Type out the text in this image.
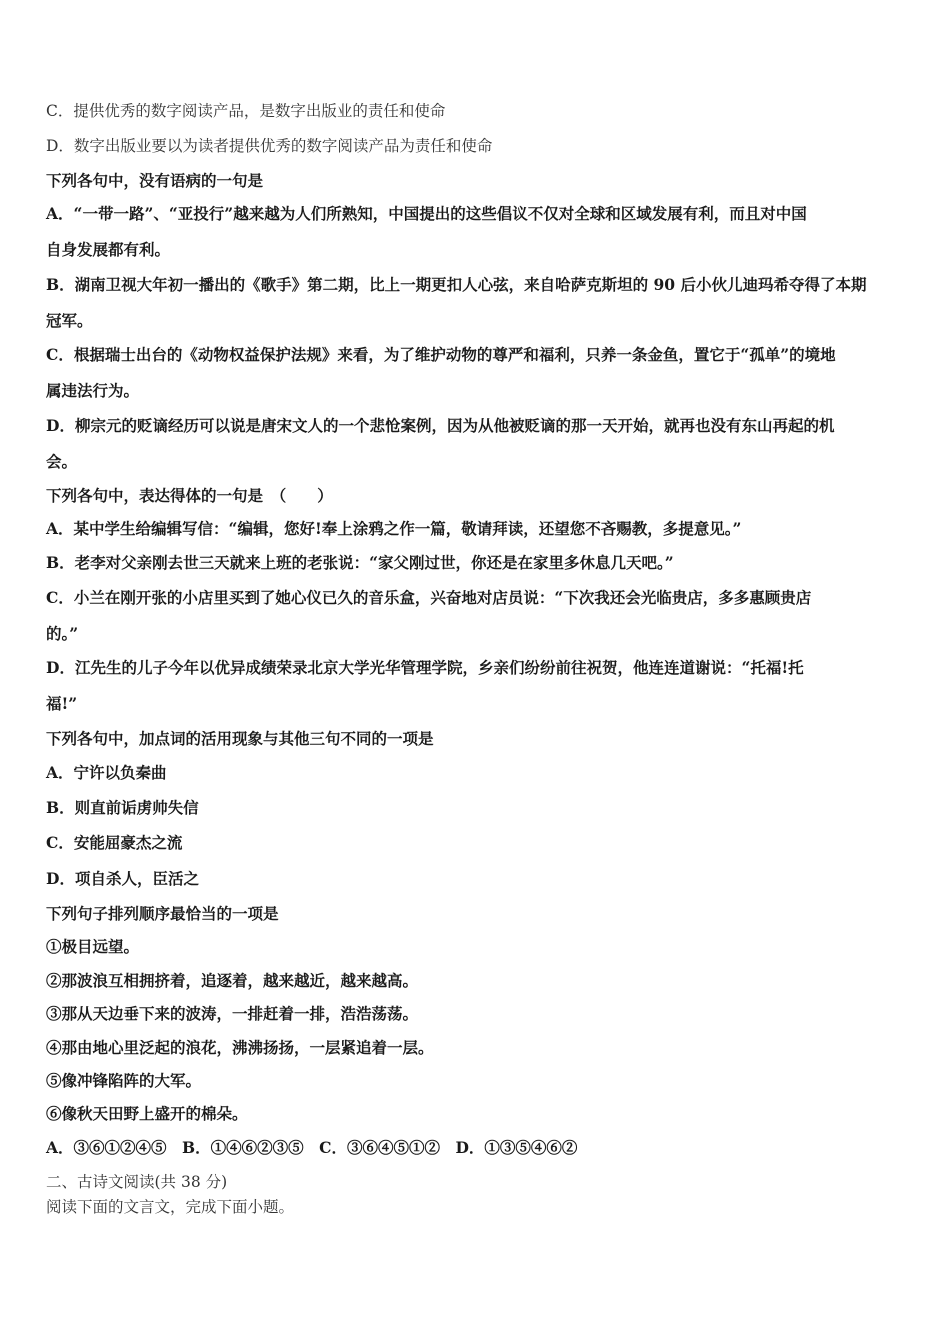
C．提供优秀的数字阅读产品，是数字出版业的责任和使命
D．数字出版业要以为读者提供优秀的数字阅读产品为责任和使命
下列各句中，没有语病的一句是
A．“一带一路”、“亚投行”越来越为人们所熟知，中国提出的这些倡议不仅对全球和区域发展有利，而且对中国
自身发展都有利。
B．湖南卫视大年初一播出的《歌手》第二期，比上一期更扣人心弦，来自哈萨克斯坦的 90 后小伙儿迪玛希夺得了本期
冠军。
C．根据瑞士出台的《动物权益保护法规》来看，为了维护动物的尊严和福利，只养一条金鱼，置它于“孤单”的境地
属违法行为。
D．柳宗元的贬谪经历可以说是唐宋文人的一个悲怆案例，因为从他被贬谪的那一天开始，就再也没有东山再起的机
会。
下列各句中，表达得体的一句是　（　　）
A．某中学生给编辑写信：“编辑，您好!奉上涂鸦之作一篇，敬请拜读，还望您不吝赐教，多提意见。”
B．老李对父亲刚去世三天就来上班的老张说：“家父刚过世，你还是在家里多休息几天吧。”
C．小兰在刚开张的小店里买到了她心仪已久的音乐盒，兴奋地对店员说：“下次我还会光临贵店，多多惠顾贵店
的。”
D．江先生的儿子今年以优异成绩荣录北京大学光华管理学院，乡亲们纷纷前往祝贺，他连连道谢说：“托福!托
福!”
下列各句中，加点词的活用现象与其他三句不同的一项是
A．宁许以负秦曲
B．则直前诟虏帅失信
C．安能屈豪杰之流
D．项自杀人，臣活之
下列句子排列顺序最恰当的一项是
①极目远望。
②那波浪互相拥挤着，追逐着，越来越近，越来越高。
③那从天边垂下来的波涛，一排赶着一排，浩浩荡荡。
④那由地心里泛起的浪花，沸沸扬扬，一层紧追着一层。
⑤像冲锋陷阵的大军。
⑥像秋天田野上盛开的棉朵。
A．③⑥①②④⑤　B．①④⑥②③⑤　C．③⑥④⑤①②　D．①③⑤④⑥②
二、古诗文阅读(共 38 分)
阅读下面的文言文，完成下面小题。
